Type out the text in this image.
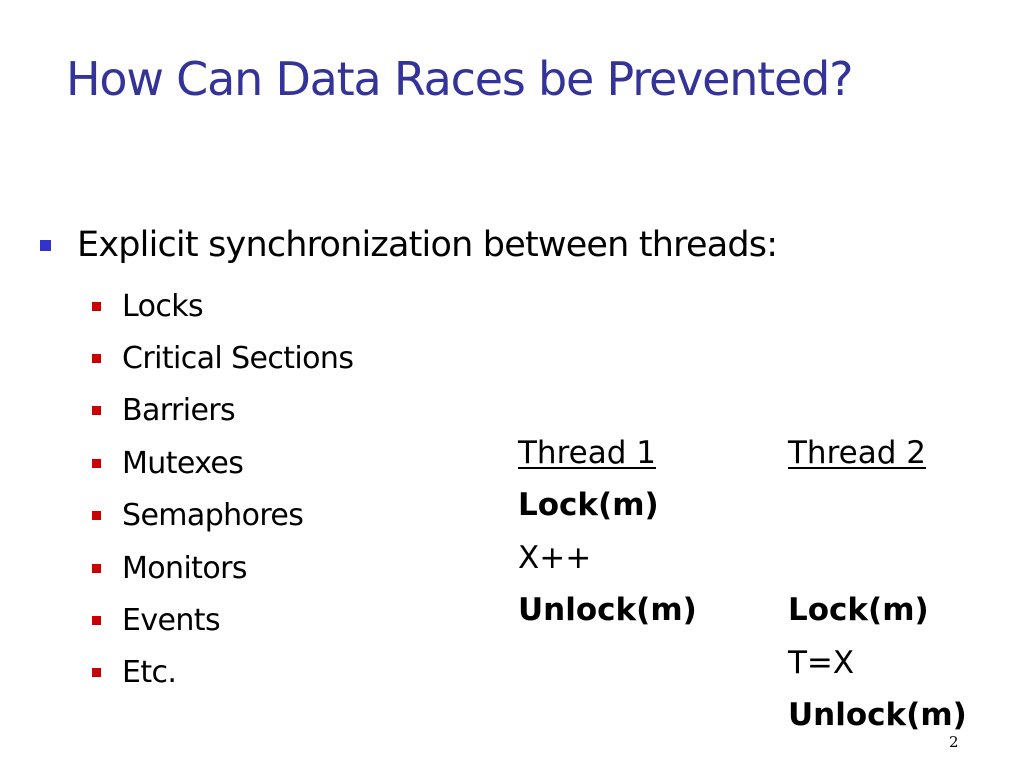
How Can Data Races be Prevented?
Explicit synchronization between threads:
Locks
Critical Sections
Barriers
Mutexes
Semaphores
Monitors
Events
Etc.
Thread 1
Lock(m)
X++
Unlock(m)
Thread 2
Lock(m)
T=X
Unlock(m)
2
